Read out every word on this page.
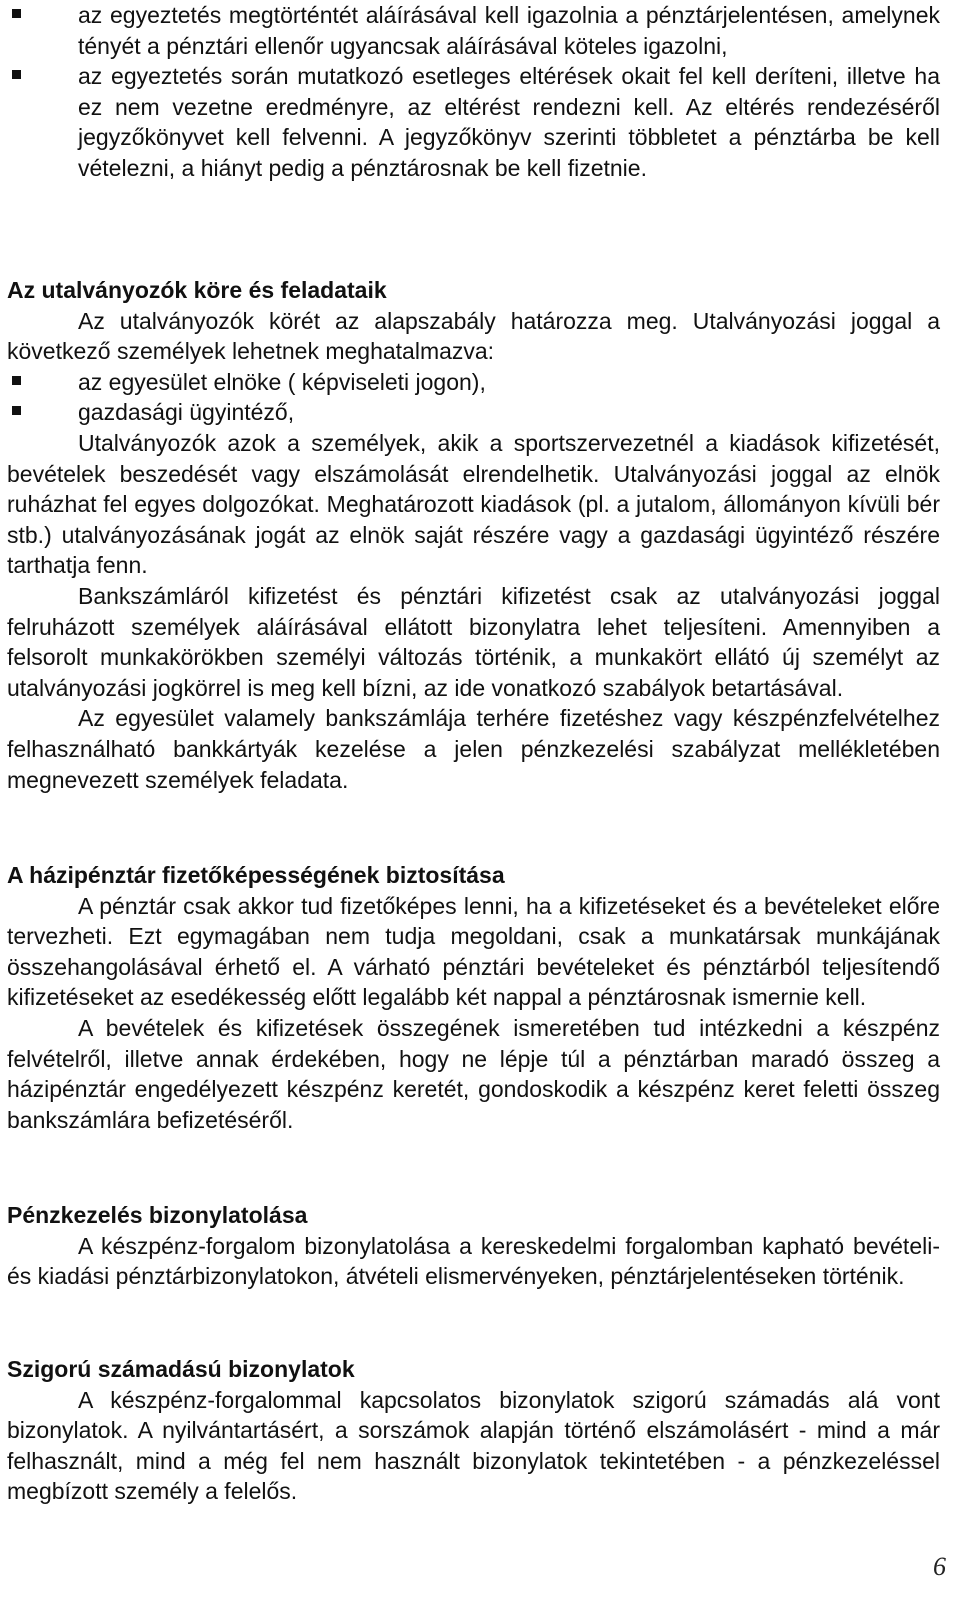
az egyeztetés megtörténtét aláírásával kell igazolnia a pénztárjelentésen, amelynek tényét a pénztári ellenőr ugyancsak aláírásával köteles igazolni,

az egyeztetés során mutatkozó esetleges eltérések okait fel kell deríteni, illetve ha ez nem vezetne eredményre, az eltérést rendezni kell. Az eltérés rendezéséről jegyzőkönyvet kell felvenni. A jegyzőkönyv szerinti többletet a pénztárba be kell vételezni, a hiányt pedig a pénztárosnak be kell fizetnie.

Az utalványozók köre és feladataik

Az utalványozók körét az alapszabály határozza meg. Utalványozási joggal a következő személyek lehetnek meghatalmazva:

az egyesület elnöke ( képviseleti jogon),

gazdasági ügyintéző,

Utalványozók azok a személyek, akik a sportszervezetnél a kiadások kifizetését, bevételek beszedését vagy elszámolását elrendelhetik. Utalványozási joggal az elnök ruházhat fel egyes dolgozókat. Meghatározott kiadások (pl. a jutalom, állományon kívüli bér stb.) utalványozásának jogát az elnök saját részére vagy a gazdasági ügyintéző részére tarthatja fenn.

Bankszámláról kifizetést és pénztári kifizetést csak az utalványozási joggal felruházott személyek aláírásával ellátott bizonylatra lehet teljesíteni. Amennyiben a felsorolt munkakörökben személyi változás történik, a munkakört ellátó új személyt az utalványozási jogkörrel is meg kell bízni, az ide vonatkozó szabályok betartásával.

Az egyesület valamely bankszámlája terhére fizetéshez vagy készpénzfelvételhez felhasználható bankkártyák kezelése a jelen pénzkezelési szabályzat mellékletében megnevezett személyek feladata.

A házipénztár fizetőképességének biztosítása

A pénztár csak akkor tud fizetőképes lenni, ha a kifizetéseket és a bevételeket előre tervezheti. Ezt egymagában nem tudja megoldani, csak a munkatársak munkájának összehangolásával érhető el. A várható pénztári bevételeket és pénztárból teljesítendő kifizetéseket az esedékesség előtt legalább két nappal a pénztárosnak ismernie kell.

A bevételek és kifizetések összegének ismeretében tud intézkedni a készpénz felvételről, illetve annak érdekében, hogy ne lépje túl a pénztárban maradó összeg a házipénztár engedélyezett készpénz keretét, gondoskodik a készpénz keret feletti összeg bankszámlára befizetéséről.

Pénzkezelés bizonylatolása

A készpénz-forgalom bizonylatolása a kereskedelmi forgalomban kapható bevételi- és kiadási pénztárbizonylatokon, átvételi elismervényeken, pénztárjelentéseken történik.

Szigorú számadású bizonylatok

A készpénz-forgalommal kapcsolatos bizonylatok szigorú számadás alá vont bizonylatok. A nyilvántartásért, a sorszámok alapján történő elszámolásért - mind a már felhasznált, mind a még fel nem használt bizonylatok tekintetében - a pénzkezeléssel megbízott személy a felelős.

6
